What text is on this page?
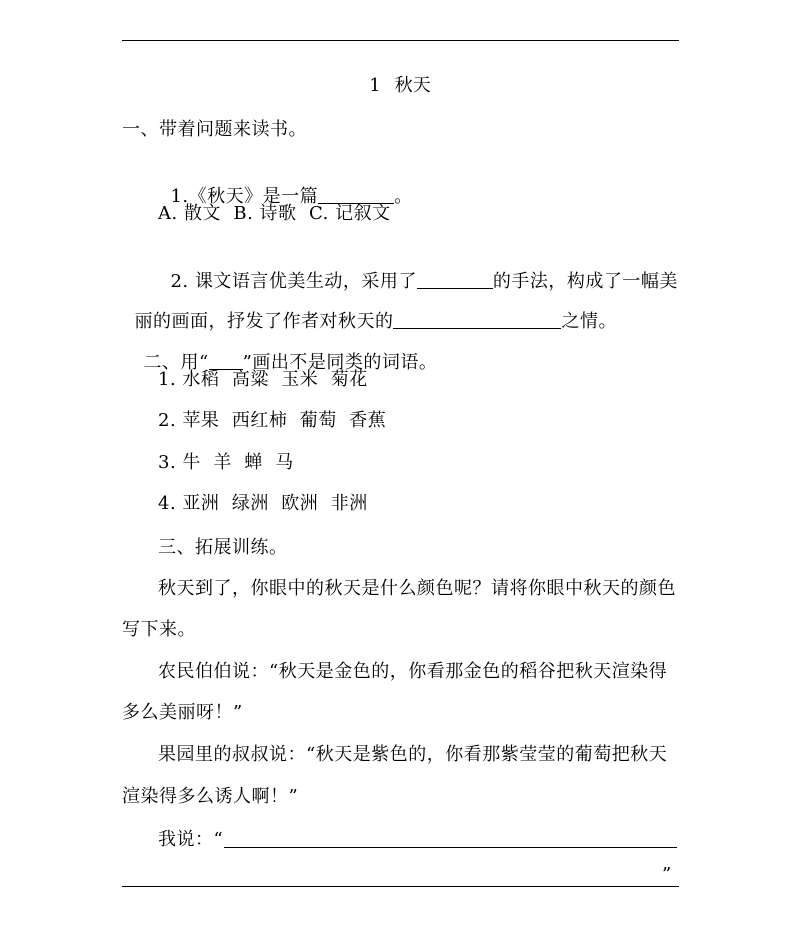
1 秋天
一、带着问题来读书。

1.《秋天》是一篇	。

A. 散文  B. 诗歌  C. 记叙文

2. 课文语言优美生动，采用了	的手法，构成了一幅美

丽的画面，抒发了作者对秋天的	之情。

二、用“ ”画出不是同类的词语。

1. 水稻  高粱  玉米  菊花
2. 苹果  西红柿  葡萄  香蕉
3. 牛  羊  蝉  马
4. 亚洲  绿洲  欧洲  非洲
三、拓展训练。
秋天到了，你眼中的秋天是什么颜色呢？请将你眼中秋天的颜色
写下来。
农民伯伯说：“秋天是金色的，你看那金色的稻谷把秋天渲染得
多么美丽呀！”
果园里的叔叔说：“秋天是紫色的，你看那紫莹莹的葡萄把秋天
渲染得多么诱人啊！”
我说：“
”
